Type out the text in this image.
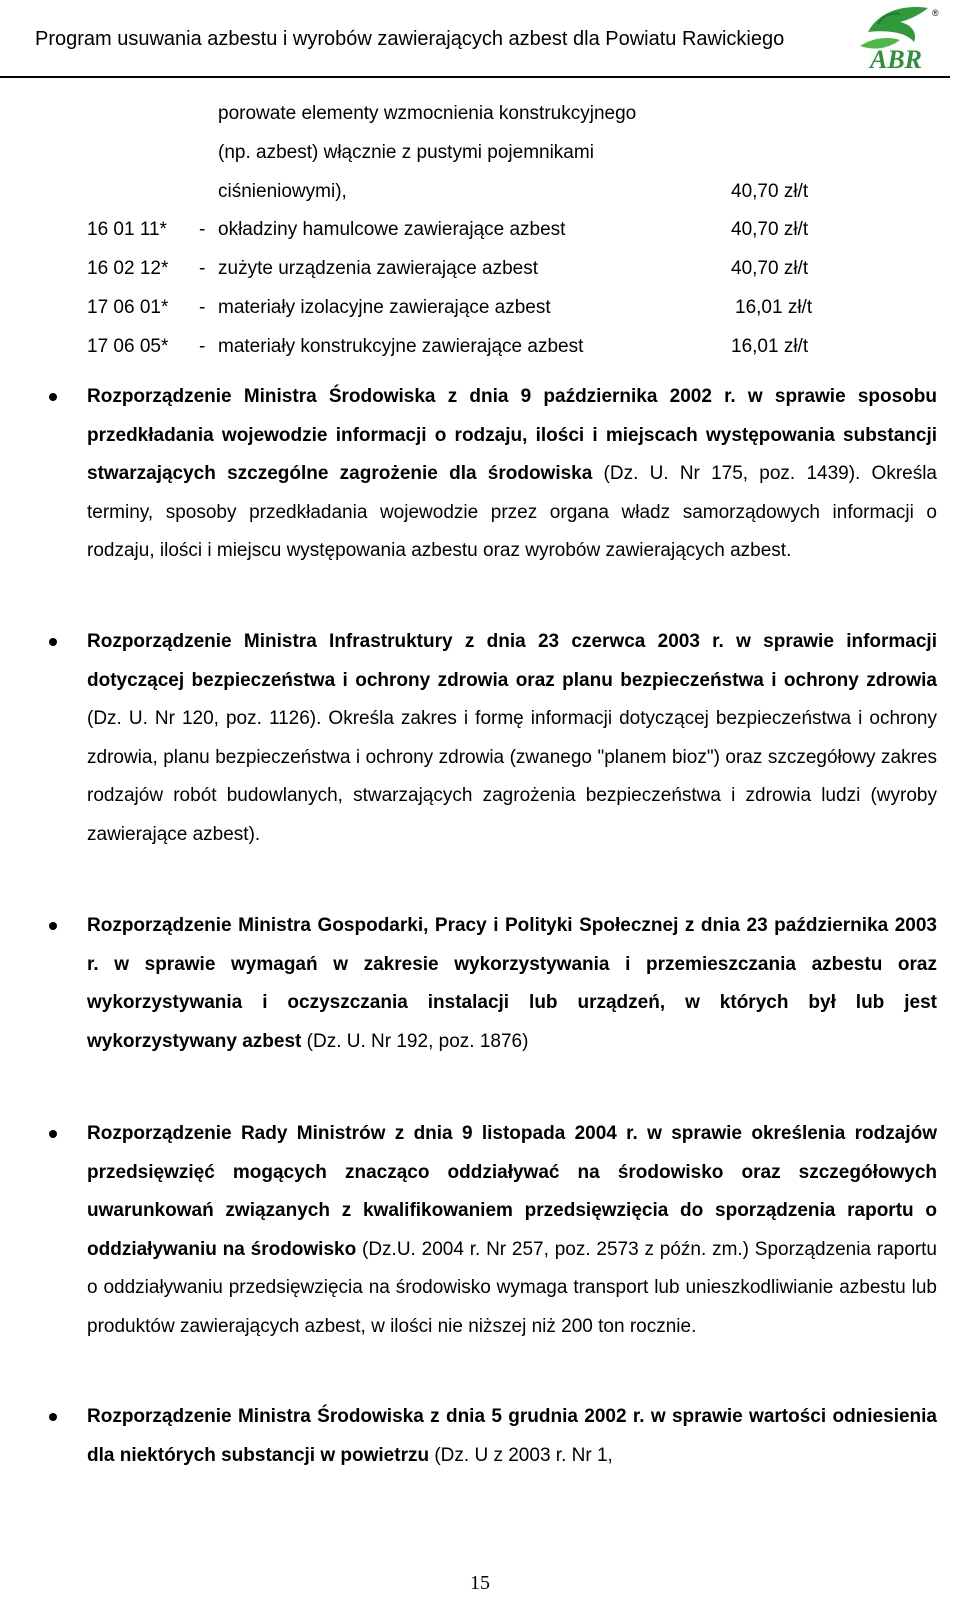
Program usuwania azbestu i wyrobów zawierających azbest dla Powiatu Rawickiego
ABR
®
porowate elementy wzmocnienia konstrukcyjnego
(np. azbest) włącznie z pustymi pojemnikami
ciśnieniowymi),	40,70 zł/t
16 01 11* - okładziny hamulcowe zawierające azbest	40,70 zł/t
16 02 12* - zużyte urządzenia zawierające azbest	40,70 zł/t
17 06 01* - materiały izolacyjne zawierające azbest	16,01 zł/t
17 06 05* - materiały konstrukcyjne zawierające azbest	16,01 zł/t

Rozporządzenie Ministra Środowiska z dnia 9 października 2002 r. w sprawie sposobu przedkładania wojewodzie informacji o rodzaju, ilości i miejscach występowania substancji stwarzających szczególne zagrożenie dla środowiska (Dz. U. Nr 175, poz. 1439). Określa terminy, sposoby przedkładania wojewodzie przez organa władz samorządowych informacji o rodzaju, ilości i miejscu występowania azbestu oraz wyrobów zawierających azbest.

Rozporządzenie Ministra Infrastruktury z dnia 23 czerwca 2003 r. w sprawie informacji dotyczącej bezpieczeństwa i ochrony zdrowia oraz planu bezpieczeństwa i ochrony zdrowia (Dz. U. Nr 120, poz. 1126). Określa zakres i formę informacji dotyczącej bezpieczeństwa i ochrony zdrowia, planu bezpieczeństwa i ochrony zdrowia (zwanego "planem bioz") oraz szczegółowy zakres rodzajów robót budowlanych, stwarzających zagrożenia bezpieczeństwa i zdrowia ludzi (wyroby zawierające azbest).

Rozporządzenie Ministra Gospodarki, Pracy i Polityki Społecznej z dnia 23 października 2003 r. w sprawie wymagań w zakresie wykorzystywania i przemieszczania azbestu oraz wykorzystywania i oczyszczania instalacji lub urządzeń, w których był lub jest wykorzystywany azbest (Dz. U. Nr 192, poz. 1876)

Rozporządzenie Rady Ministrów z dnia 9 listopada 2004 r. w sprawie określenia rodzajów przedsięwzięć mogących znacząco oddziaływać na środowisko oraz szczegółowych uwarunkowań związanych z kwalifikowaniem przedsięwzięcia do sporządzenia raportu o oddziaływaniu na środowisko (Dz.U. 2004 r. Nr 257, poz. 2573 z późn. zm.) Sporządzenia raportu o oddziaływaniu przedsięwzięcia na środowisko wymaga transport lub unieszkodliwianie azbestu lub produktów zawierających azbest, w ilości nie niższej niż 200 ton rocznie.

Rozporządzenie Ministra Środowiska z dnia 5 grudnia 2002 r. w sprawie wartości odniesienia dla niektórych substancji w powietrzu (Dz. U z 2003 r. Nr 1,

15
